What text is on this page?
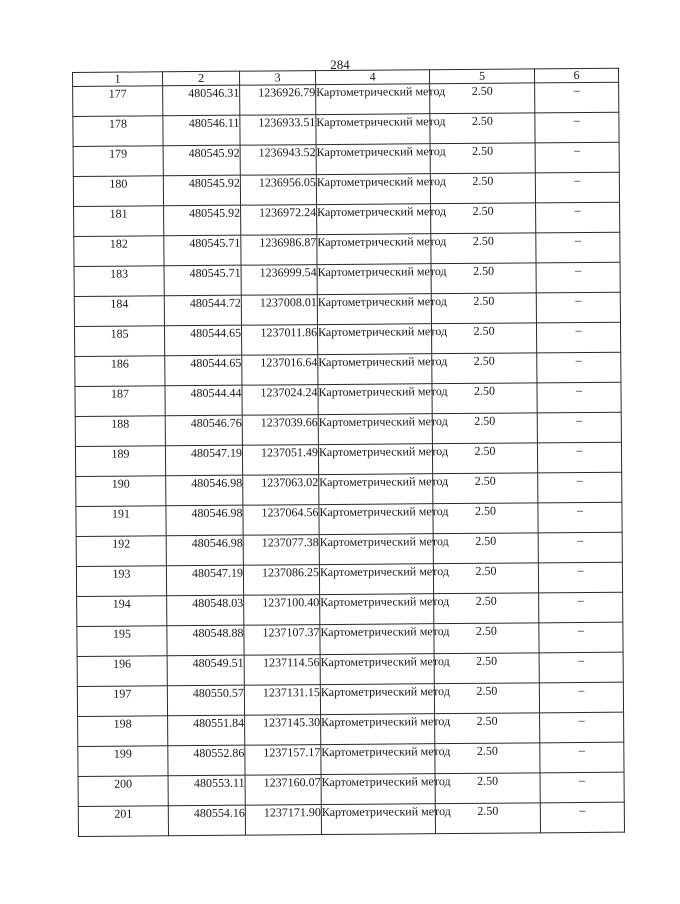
284
1	2	3	4	5	6
177	480546.31	1236926.79	Картометрический метод	2.50	–
178	480546.11	1236933.51	Картометрический метод	2.50	–
179	480545.92	1236943.52	Картометрический метод	2.50	–
180	480545.92	1236956.05	Картометрический метод	2.50	–
181	480545.92	1236972.24	Картометрический метод	2.50	–
182	480545.71	1236986.87	Картометрический метод	2.50	–
183	480545.71	1236999.54	Картометрический метод	2.50	–
184	480544.72	1237008.01	Картометрический метод	2.50	–
185	480544.65	1237011.86	Картометрический метод	2.50	–
186	480544.65	1237016.64	Картометрический метод	2.50	–
187	480544.44	1237024.24	Картометрический метод	2.50	–
188	480546.76	1237039.66	Картометрический метод	2.50	–
189	480547.19	1237051.49	Картометрический метод	2.50	–
190	480546.98	1237063.02	Картометрический метод	2.50	–
191	480546.98	1237064.56	Картометрический метод	2.50	–
192	480546.98	1237077.38	Картометрический метод	2.50	–
193	480547.19	1237086.25	Картометрический метод	2.50	–
194	480548.03	1237100.40	Картометрический метод	2.50	–
195	480548.88	1237107.37	Картометрический метод	2.50	–
196	480549.51	1237114.56	Картометрический метод	2.50	–
197	480550.57	1237131.15	Картометрический метод	2.50	–
198	480551.84	1237145.30	Картометрический метод	2.50	–
199	480552.86	1237157.17	Картометрический метод	2.50	–
200	480553.11	1237160.07	Картометрический метод	2.50	–
201	480554.16	1237171.90	Картометрический метод	2.50	–
